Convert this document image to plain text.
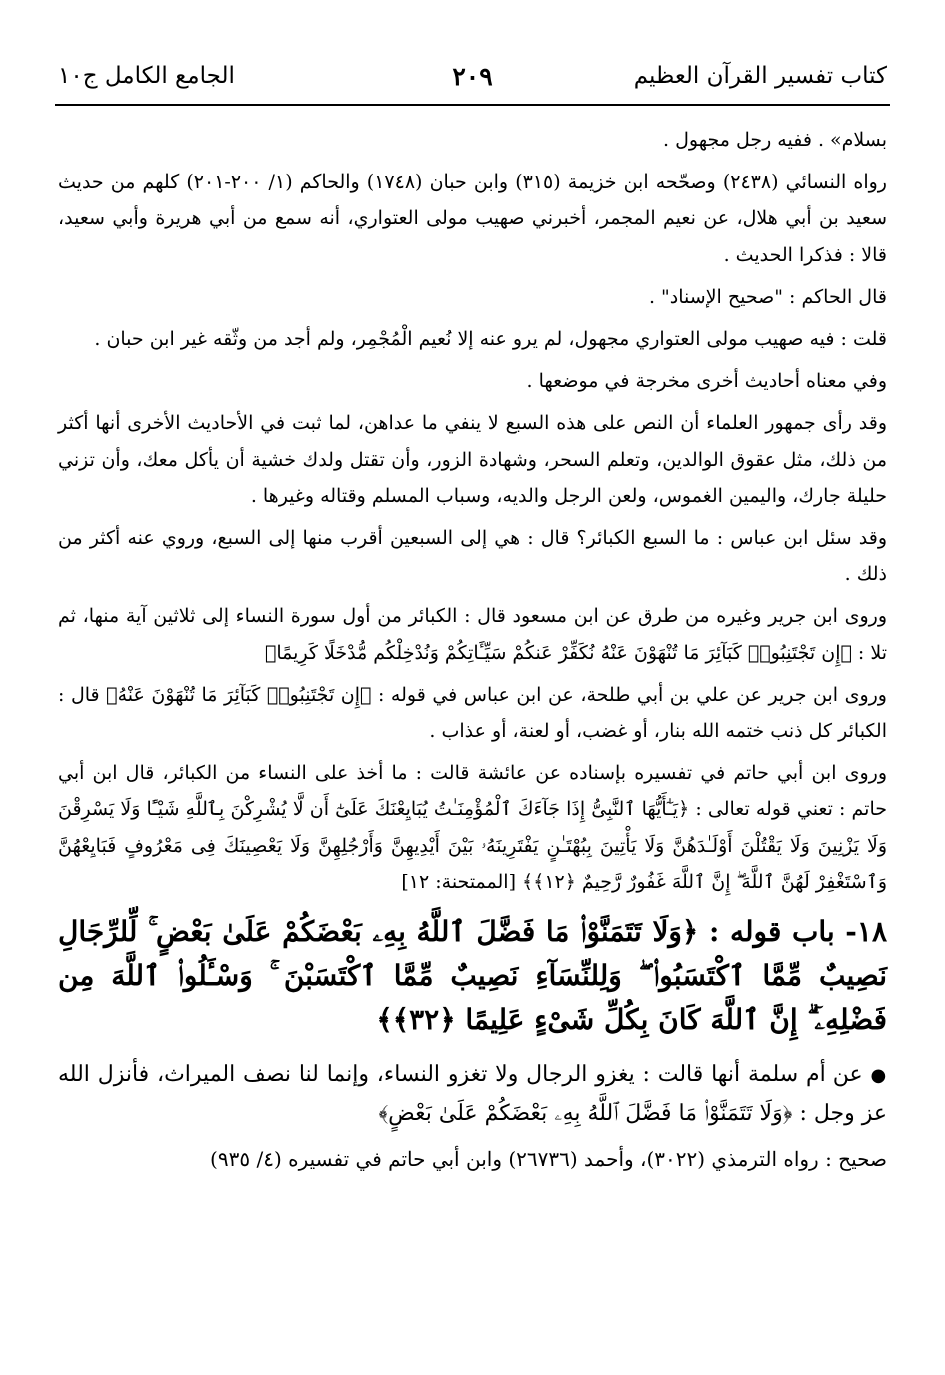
كتاب تفسير القرآن العظيم
٢٠٩
الجامع الكامل ج١٠

بسلام» . ففيه رجل مجهول .

رواه النسائي (٢٤٣٨) وصحّحه ابن خزيمة (٣١٥) وابن حبان (١٧٤٨) والحاكم (١/ ٢٠٠-٢٠١) كلهم من حديث سعيد بن أبي هلال، عن نعيم المجمر، أخبرني صهيب مولى العتواري، أنه سمع من أبي هريرة وأبي سعيد، قالا : فذكرا الحديث .

قال الحاكم : "صحيح الإسناد" .

قلت : فيه صهيب مولى العتواري مجهول، لم يرو عنه إلا نُعيم الْمُجْمِر، ولم أجد من وثّقه غير ابن حبان .

وفي معناه أحاديث أخرى مخرجة في موضعها .

وقد رأى جمهور العلماء أن النص على هذه السبع لا ينفي ما عداهن، لما ثبت في الأحاديث الأخرى أنها أكثر من ذلك، مثل عقوق الوالدين، وتعلم السحر، وشهادة الزور، وأن تقتل ولدك خشية أن يأكل معك، وأن تزني حليلة جارك، واليمين الغموس، ولعن الرجل والديه، وسباب المسلم وقتاله وغيرها .

وقد سئل ابن عباس : ما السبع الكبائر؟ قال : هي إلى السبعين أقرب منها إلى السبع، وروي عنه أكثر من ذلك .

وروى ابن جرير وغيره من طرق عن ابن مسعود قال : الكبائر من أول سورة النساء إلى ثلاثين آية منها، ثم تلا : ﴿إِن تَجْتَنِبُوا۟ كَبَآئِرَ مَا تُنْهَوْنَ عَنْهُ نُكَفِّرْ عَنكُمْ سَيِّـَٔاتِكُمْ وَنُدْخِلْكُم مُّدْخَلًا كَرِيمًا﴾

وروى ابن جرير عن علي بن أبي طلحة، عن ابن عباس في قوله : ﴿إِن تَجْتَنِبُوا۟ كَبَآئِرَ مَا تُنْهَوْنَ عَنْهُ﴾ قال : الكبائر كل ذنب ختمه الله بنار، أو غضب، أو لعنة، أو عذاب .

وروى ابن أبي حاتم في تفسيره بإسناده عن عائشة قالت : ما أخذ على النساء من الكبائر، قال ابن أبي حاتم : تعني قوله تعالى : ﴿يَـٰٓأَيُّهَا ٱلنَّبِىُّ إِذَا جَآءَكَ ٱلْمُؤْمِنَـٰتُ يُبَايِعْنَكَ عَلَىٰٓ أَن لَّا يُشْرِكْنَ بِٱللَّهِ شَيْـًٔا وَلَا يَسْرِقْنَ وَلَا يَزْنِينَ وَلَا يَقْتُلْنَ أَوْلَـٰدَهُنَّ وَلَا يَأْتِينَ بِبُهْتَـٰنٍ يَفْتَرِينَهُۥ بَيْنَ أَيْدِيهِنَّ وَأَرْجُلِهِنَّ وَلَا يَعْصِينَكَ فِى مَعْرُوفٍ فَبَايِعْهُنَّ وَٱسْتَغْفِرْ لَهُنَّ ٱللَّهَ ۖ إِنَّ ٱللَّهَ غَفُورٌ رَّحِيمٌ ﴿١٢﴾﴾ [الممتحنة: ١٢]

١٨- باب قوله : ﴿وَلَا تَتَمَنَّوْا۟ مَا فَضَّلَ ٱللَّهُ بِهِۦ بَعْضَكُمْ عَلَىٰ بَعْضٍ ۚ لِّلرِّجَالِ نَصِيبٌ مِّمَّا ٱكْتَسَبُوا۟ ۖ وَلِلنِّسَآءِ نَصِيبٌ مِّمَّا ٱكْتَسَبْنَ ۚ وَسْـَٔلُوا۟ ٱللَّهَ مِن فَضْلِهِۦٓ ۗ إِنَّ ٱللَّهَ كَانَ بِكُلِّ شَىْءٍ عَلِيمًا ﴿٣٢﴾﴾
● عن أم سلمة أنها قالت : يغزو الرجال ولا تغزو النساء، وإنما لنا نصف الميراث، فأنزل الله عز وجل : ﴿وَلَا تَتَمَنَّوْا۟ مَا فَضَّلَ ٱللَّهُ بِهِۦ بَعْضَكُمْ عَلَىٰ بَعْضٍ﴾
صحيح : رواه الترمذي (٣٠٢٢)، وأحمد (٢٦٧٣٦) وابن أبي حاتم في تفسيره (٤/ ٩٣٥)
